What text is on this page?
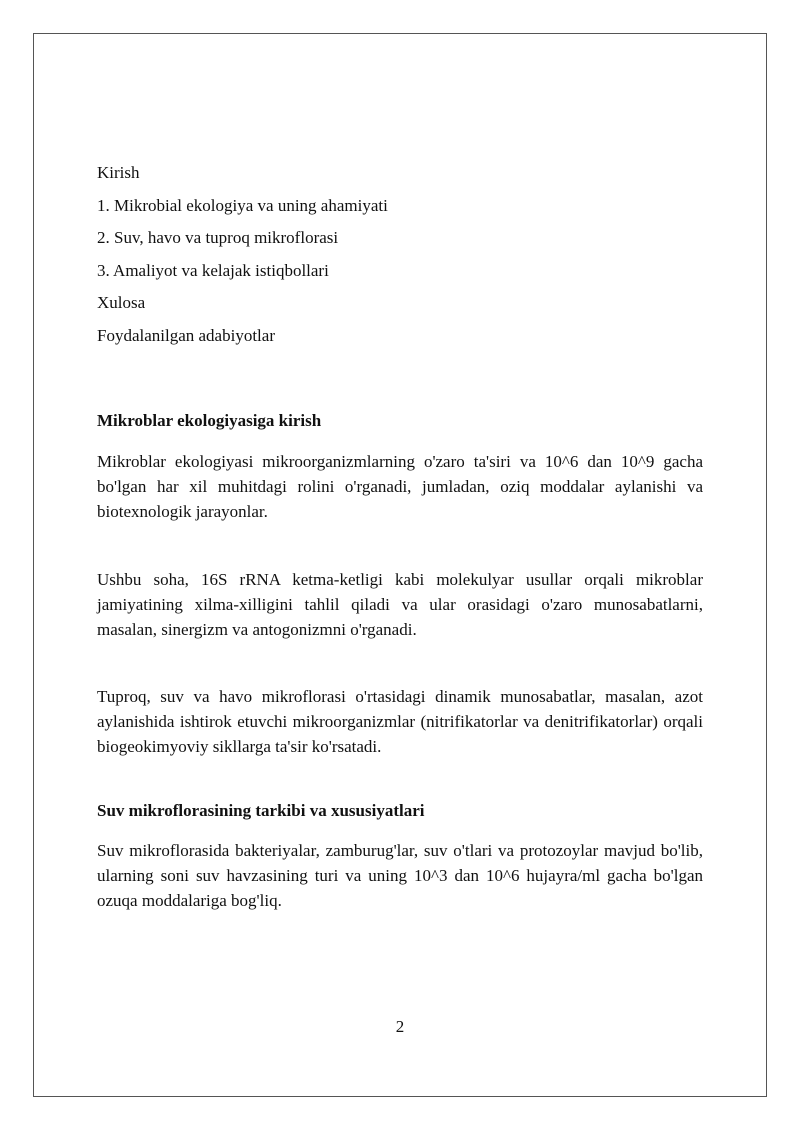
Kirish

1. Mikrobial ekologiya va uning ahamiyati

2. Suv, havo va tuproq mikroflorasi

3. Amaliyot va kelajak istiqbollari

Xulosa

Foydalanilgan adabiyotlar

Mikroblar ekologiyasiga kirish

Mikroblar ekologiyasi mikroorganizmlarning o'zaro ta'siri va 10^6 dan 10^9 gacha bo'lgan har xil muhitdagi rolini o'rganadi, jumladan, oziq moddalar aylanishi va biotexnologik jarayonlar.

Ushbu soha, 16S rRNA ketma-ketligi kabi molekulyar usullar orqali mikroblar jamiyatining xilma-xilligini tahlil qiladi va ular orasidagi o'zaro munosabatlarni, masalan, sinergizm va antogonizmni o'rganadi.

Tuproq, suv va havo mikroflorasi o'rtasidagi dinamik munosabatlar, masalan, azot aylanishida ishtirok etuvchi mikroorganizmlar (nitrifikatorlar va denitrifikatorlar) orqali biogeokimyoviy sikllarga ta'sir ko'rsatadi.

Suv mikroflorasining tarkibi va xususiyatlari

Suv mikroflorasida bakteriyalar, zamburug'lar, suv o'tlari va protozoylar mavjud bo'lib, ularning soni suv havzasining turi va uning 10^3 dan 10^6 hujayra/ml gacha bo'lgan ozuqa moddalariga bog'liq.

2
